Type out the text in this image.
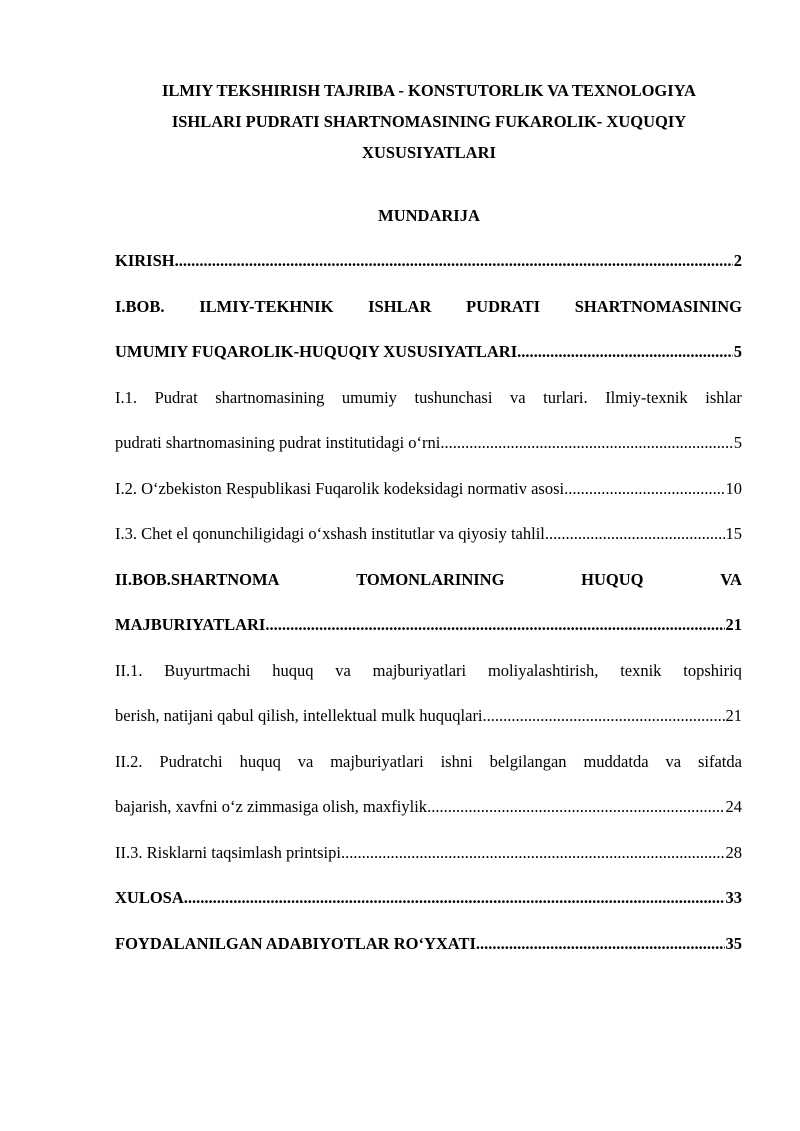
ILMIY TEKSHIRISH TAJRIBA - KONSTUTORLIK VA TEXNOLOGIYA
ISHLARI PUDRATI SHARTNOMASINING FUKAROLIK- XUQUQIY
XUSUSIYATLARI
MUNDARIJA
KIRISH .....	2
I.BOB. ILMIY-TEKHNIK ISHLAR PUDRATI SHARTNOMASINING
UMUMIY FUQAROLIK-HUQUQIY XUSUSIYATLARI .....	5
I.1. Pudrat shartnomasining umumiy tushunchasi va turlari. Ilmiy-texnik ishlar
pudrati shartnomasining pudrat institutidagi o‘rni .....	5
I.2. O‘zbekiston Respublikasi Fuqarolik kodeksidagi normativ asosi .....	10
I.3. Chet el qonunchiligidagi o‘xshash institutlar va qiyosiy tahlil .....	15
II.BOB.SHARTNOMA	TOMONLARINING	HUQUQ	VA
MAJBURIYATLARI .....	21
II.1. Buyurtmachi huquq va majburiyatlari moliyalashtirish, texnik topshiriq
berish, natijani qabul qilish, intellektual mulk huquqlari .....	21
II.2. Pudratchi huquq va majburiyatlari ishni belgilangan muddatda va sifatda
bajarish, xavfni o‘z zimmasiga olish, maxfiylik .....	24
II.3. Risklarni taqsimlash printsipi .....	28
XULOSA .....	33
FOYDALANILGAN ADABIYOTLAR RO‘YXATI .....	35
